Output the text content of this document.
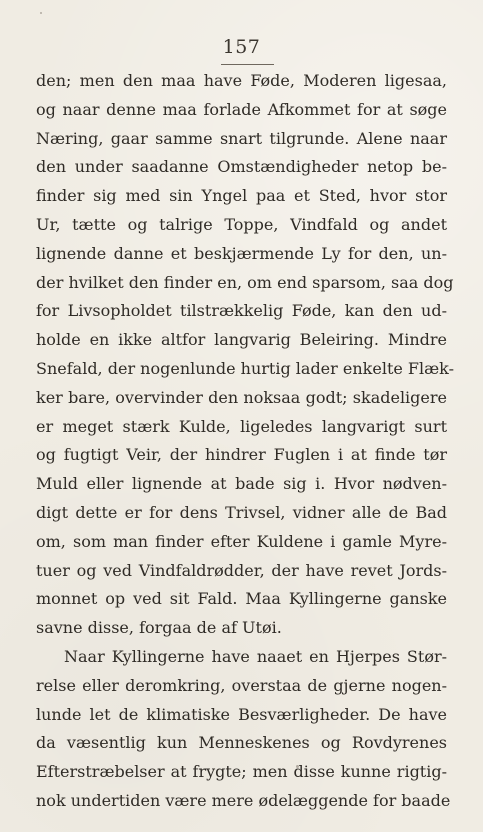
157
den; men den maa have Føde, Moderen ligesaa,
og naar denne maa forlade Afkommet for at søge
Næring, gaar samme snart tilgrunde. Alene naar
den under saadanne Omstændigheder netop be-
finder sig med sin Yngel paa et Sted, hvor stor
Ur, tætte og talrige Toppe, Vindfald og andet
lignende danne et beskjærmende Ly for den, un-
der hvilket den finder en, om end sparsom, saa dog
for Livsopholdet tilstrækkelig Føde, kan den ud-
holde en ikke altfor langvarig Beleiring. Mindre
Snefald, der nogenlunde hurtig lader enkelte Flæk-
ker bare, overvinder den noksaa godt; skadeligere
er meget stærk Kulde, ligeledes langvarigt surt
og fugtigt Veir, der hindrer Fuglen i at finde tør
Muld eller lignende at bade sig i. Hvor nødven-
digt dette er for dens Trivsel, vidner alle de Bad
om, som man finder efter Kuldene i gamle Myre-
tuer og ved Vindfaldrødder, der have revet Jords-
monnet op ved sit Fald. Maa Kyllingerne ganske
savne disse, forgaa de af Utøi.
Naar Kyllingerne have naaet en Hjerpes Stør-
relse eller deromkring, overstaa de gjerne nogen-
lunde let de klimatiske Besværligheder. De have
da væsentlig kun Menneskenes og Rovdyrenes
Efterstræbelser at frygte; men disse kunne rigtig-
nok undertiden være mere ødelæggende for baade
